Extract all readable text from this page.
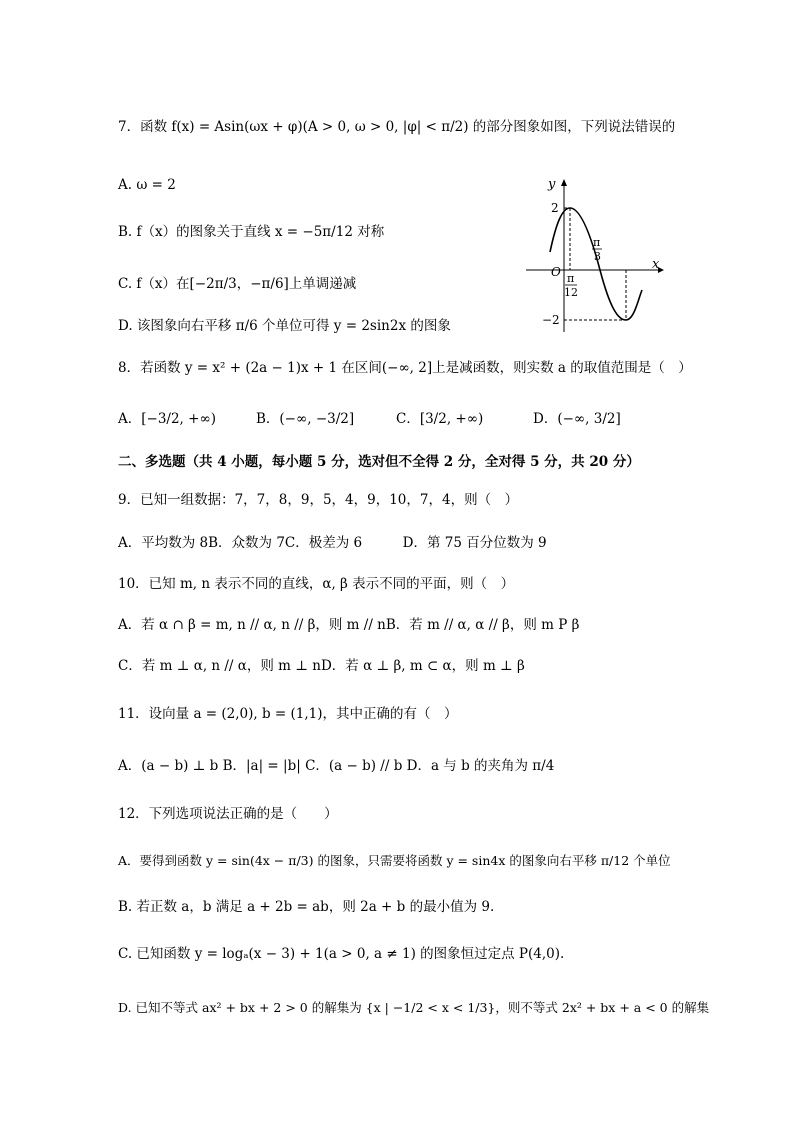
7．函数 f(x) = Asin(ωx + φ)(A > 0, ω > 0, |φ| < π/2) 的部分图象如图，下列说法错误的
A. ω = 2
B. f（x）的图象关于直线 x = −5π/12 对称
C. f（x）在[−2π/3，−π/6]上单调递减
D. 该图象向右平移 π/6 个单位可得 y = 2sin2x 的图象
y
x
O
2
−2
π
12
π
3
8．若函数 y = x² + (2a − 1)x + 1 在区间(−∞, 2]上是减函数，则实数 a 的取值范围是（　）
A．[−3/2, +∞)	B．(−∞, −3/2]	C．[3/2, +∞)	D．(−∞, 3/2]
二、多选题（共 4 小题，每小题 5 分，选对但不全得 2 分，全对得 5 分，共 20 分）
9．已知一组数据：7，7，8，9，5，4，9，10，7，4，则（　）
A．平均数为 8B．众数为 7C．极差为 6　　　D．第 75 百分位数为 9
10．已知 m, n 表示不同的直线，α, β 表示不同的平面，则（　）
A．若 α ∩ β = m, n // α, n // β，则 m // nB．若 m // α, α // β，则 m P β
C．若 m ⊥ α, n // α，则 m ⊥ nD．若 α ⊥ β, m ⊂ α，则 m ⊥ β
11．设向量 a = (2,0), b = (1,1)，其中正确的有（　）
A．(a − b) ⊥ b B．|a| = |b| C．(a − b) // b D．a 与 b 的夹角为 π/4
12．下列选项说法正确的是（　　）
A．要得到函数 y = sin(4x − π/3) 的图象，只需要将函数 y = sin4x 的图象向右平移 π/12 个单位
B. 若正数 a，b 满足 a + 2b = ab，则 2a + b 的最小值为 9.
C. 已知函数 y = logₐ(x − 3) + 1(a > 0, a ≠ 1) 的图象恒过定点 P(4,0).
D. 已知不等式 ax² + bx + 2 > 0 的解集为 {x | −1/2 < x < 1/3}，则不等式 2x² + bx + a < 0 的解集
